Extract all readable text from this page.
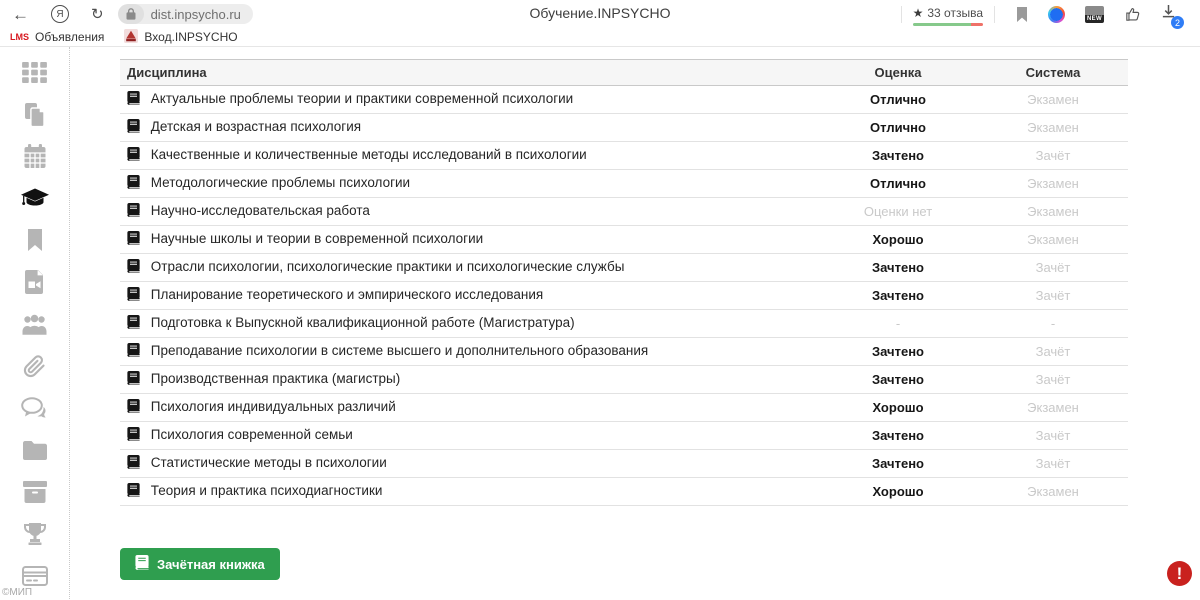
←	Я	↻	dist.inpsycho.ru	Обучение.INPSYCHO	★ 33 отзыва	NEW	2
LMS Объявления	Вход.INPSYCHO
©МИП
Дисциплина	Оценка	Система
Актуальные проблемы теории и практики современной психологии	Отлично	Экзамен
Детская и возрастная психология	Отлично	Экзамен
Качественные и количественные методы исследований в психологии	Зачтено	Зачёт
Методологические проблемы психологии	Отлично	Экзамен
Научно-исследовательская работа	Оценки нет	Экзамен
Научные школы и теории в современной психологии	Хорошо	Экзамен
Отрасли психологии, психологические практики и психологические службы	Зачтено	Зачёт
Планирование теоретического и эмпирического исследования	Зачтено	Зачёт
Подготовка к Выпускной квалификационной работе (Магистратура)	-	-
Преподавание психологии в системе высшего и дополнительного образования	Зачтено	Зачёт
Производственная практика (магистры)	Зачтено	Зачёт
Психология индивидуальных различий	Хорошо	Экзамен
Психология современной семьи	Зачтено	Зачёт
Статистические методы в психологии	Зачтено	Зачёт
Теория и практика психодиагностики	Хорошо	Экзамен
Зачётная книжка	!
